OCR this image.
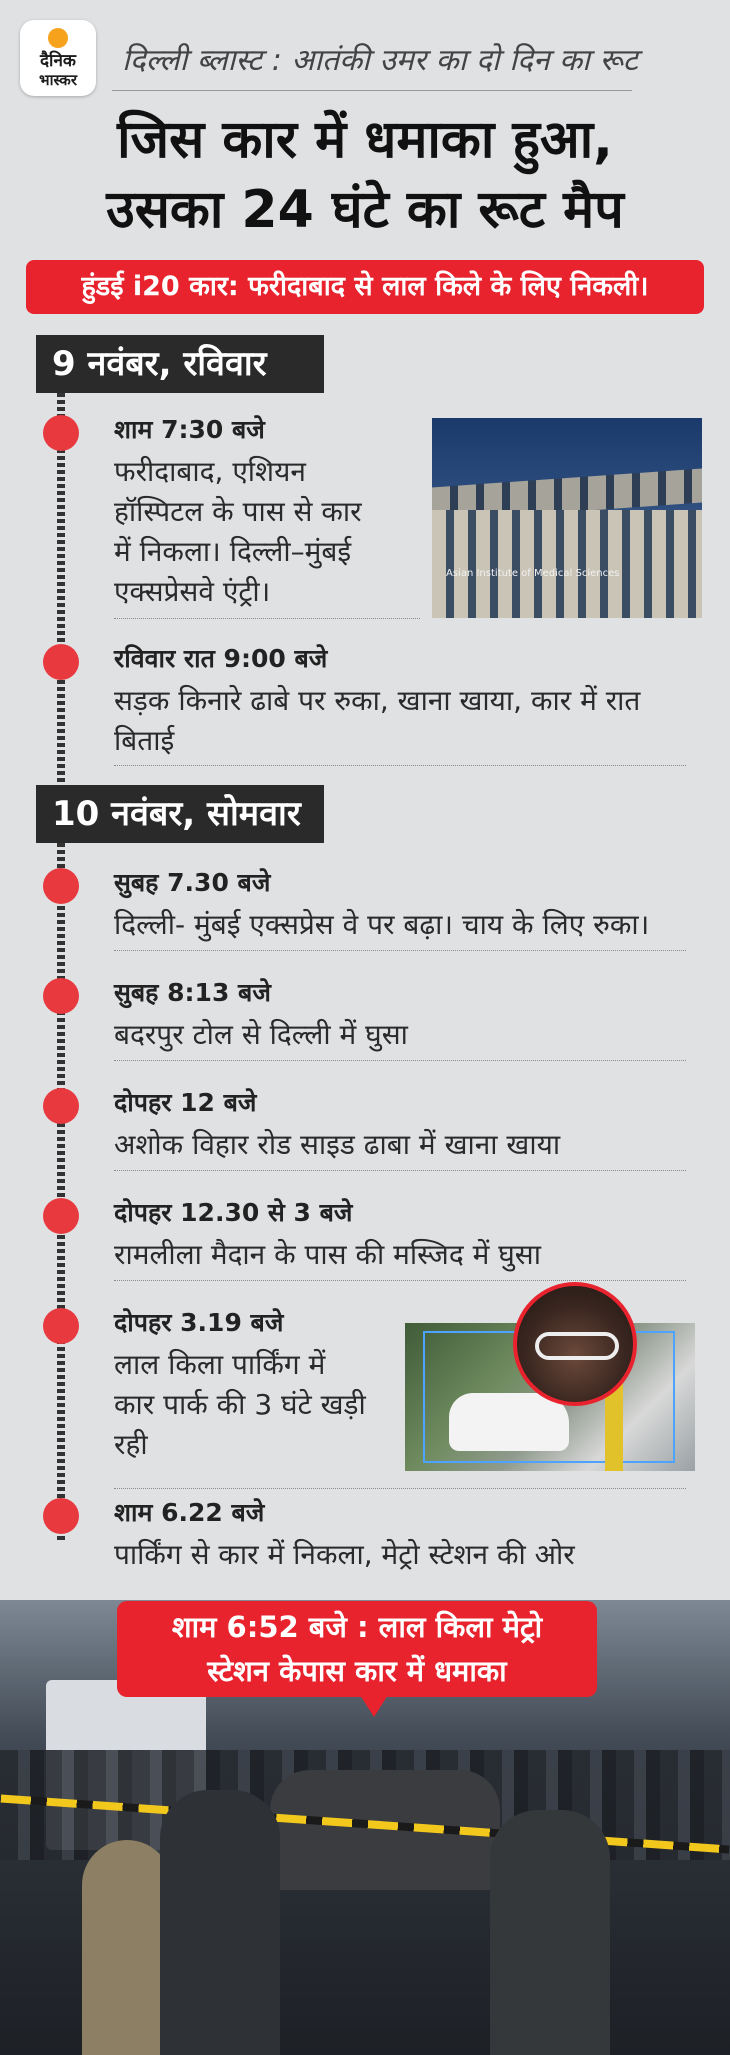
दैनिक
भास्कर
दिल्ली ब्लास्ट : आतंकी उमर का दो दिन का रूट
जिस कार में धमाका हुआ,
उसका 24 घंटे का रूट मैप
हुंडई i20 कार: फरीदाबाद से लाल किले के लिए निकली।
9 नवंबर, रविवार
शाम 7:30 बजे
फरीदाबाद, एशियन
हॉस्पिटल के पास से कार
में निकला। दिल्ली–मुंबई
एक्सप्रेसवे एंट्री।
Asian Institute of Medical Sciences
रविवार रात 9:00 बजे
सड़क किनारे ढाबे पर रुका, खाना खाया, कार में रात
बिताई
10 नवंबर, सोमवार
सुबह 7.30 बजे
दिल्ली- मुंबई एक्सप्रेस वे पर बढ़ा। चाय के लिए रुका।
सुबह 8:13 बजे
बदरपुर टोल से दिल्ली में घुसा
दोपहर 12 बजे
अशोक विहार रोड साइड ढाबा में खाना खाया
दोपहर 12.30 से 3 बजे
रामलीला मैदान के पास की मस्जिद में घुसा
दोपहर 3.19 बजे
लाल किला पार्किंग में
कार पार्क की 3 घंटे खड़ी
रही
शाम 6.22 बजे
पार्किंग से कार में निकला, मेट्रो स्टेशन की ओर
शाम 6:52 बजे : लाल किला मेट्रो
स्टेशन केपास कार में धमाका
